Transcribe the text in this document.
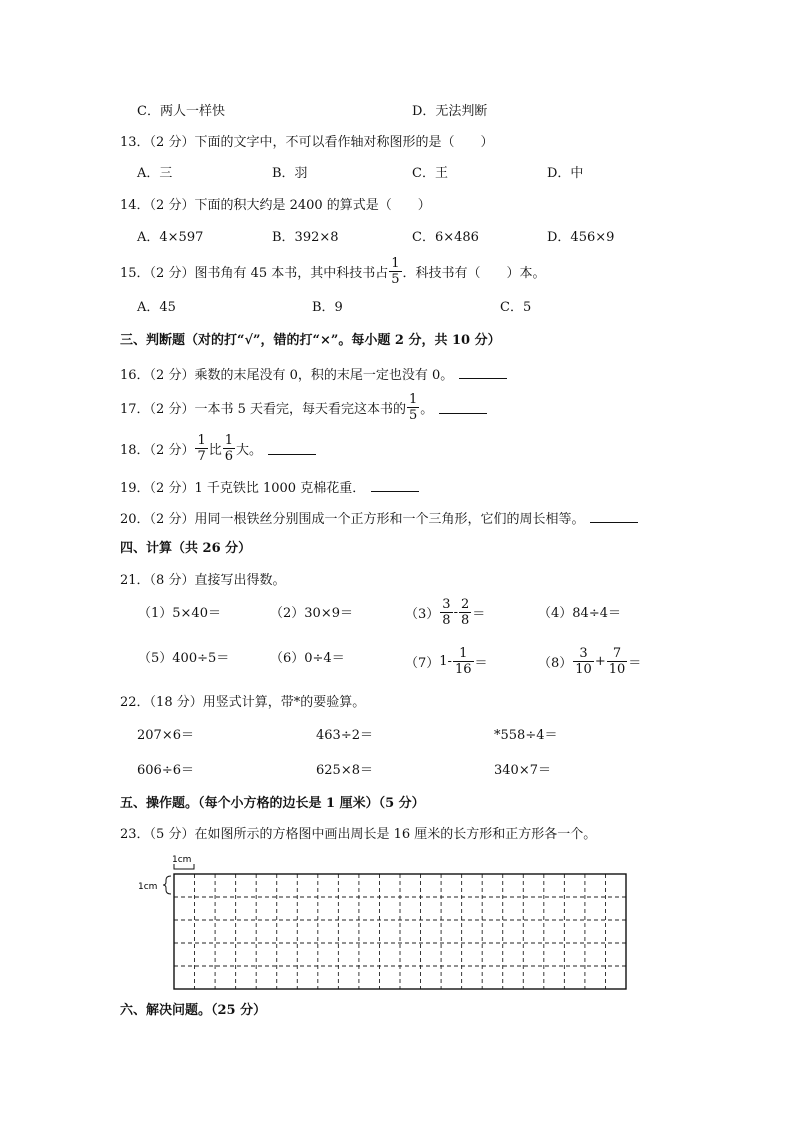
C．两人一样快	D．无法判断
13．（2 分）下面的文字中，不可以看作轴对称图形的是（　　）
A．三	B．羽	C．王	D．中
14．（2 分）下面的积大约是 2400 的算式是（　　）
A．4×597	B．392×8	C．6×486	D．456×9
15．（2 分）图书角有 45 本书，其中科技书占 $\frac{1}{5}$ ．科技书有（　　）本。
A．45	B．9	C．5
三、判断题（对的打“√”，错的打“×”。每小题 2 分，共 10 分）
16．（2 分）乘数的末尾没有 0，积的末尾一定也没有 0。
17．（2 分）一本书 5 天看完，每天看完这本书的 $\frac{1}{5}$ 。
18．（2 分） $\frac{1}{7}$ 比 $\frac{1}{6}$ 大。
19．（2 分）1 千克铁比 1000 克棉花重．
20．（2 分）用同一根铁丝分别围成一个正方形和一个三角形，它们的周长相等。
四、计算（共 26 分）
21．（8 分）直接写出得数。
（1）5×40＝	（2）30×9＝	$(3) \frac{3}{8} - \frac{2}{8}$ ＝	（4）84÷4＝
（5）400÷5＝	（6）0÷4＝	（7） $1- \frac{1}{16}$ ＝	$(8) \frac{3}{10} + \frac{7}{10}$ ＝
22．（18 分）用竖式计算，带*的要验算。
207×6＝	463÷2＝	*558÷4＝
606÷6＝	625×8＝	340×7＝
五、操作题。（每个小方格的边长是 1 厘米）（5 分）
23．（5 分）在如图所示的方格图中画出周长是 16 厘米的长方形和正方形各一个。
1cm
1cm
六、解决问题。（25 分）
